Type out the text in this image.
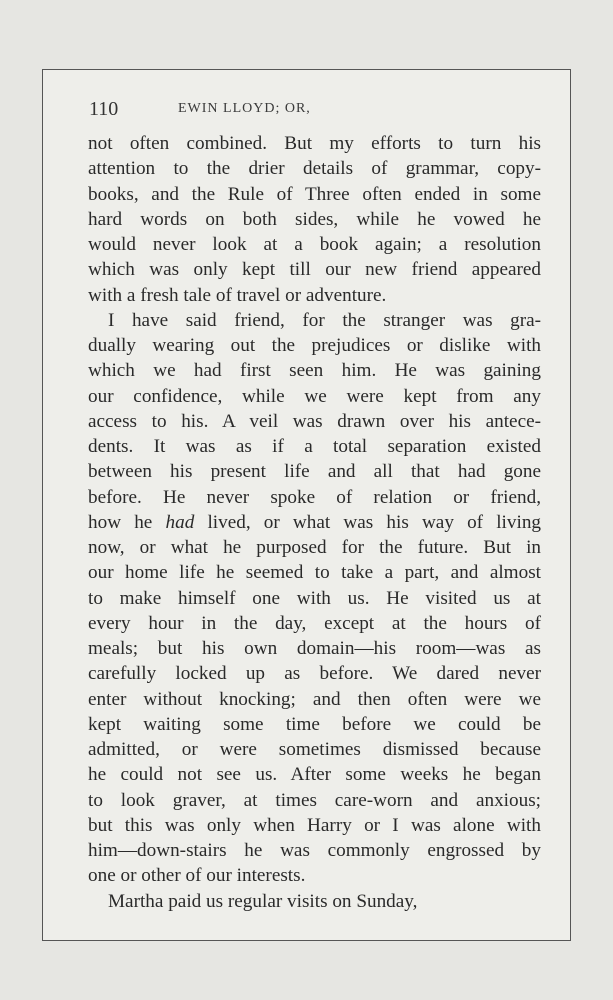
110	EWIN LLOYD; OR,
not often combined. But my efforts to turn his
attention to the drier details of grammar, copy-
books, and the Rule of Three often ended in some
hard words on both sides, while he vowed he
would never look at a book again; a resolution
which was only kept till our new friend appeared
with a fresh tale of travel or adventure.
I have said friend, for the stranger was gra-
dually wearing out the prejudices or dislike with
which we had first seen him. He was gaining
our confidence, while we were kept from any
access to his. A veil was drawn over his antece-
dents. It was as if a total separation existed
between his present life and all that had gone
before. He never spoke of relation or friend,
how he had lived, or what was his way of living
now, or what he purposed for the future. But in
our home life he seemed to take a part, and almost
to make himself one with us. He visited us at
every hour in the day, except at the hours of
meals; but his own domain—his room—was as
carefully locked up as before. We dared never
enter without knocking; and then often were we
kept waiting some time before we could be
admitted, or were sometimes dismissed because
he could not see us. After some weeks he began
to look graver, at times care-worn and anxious;
but this was only when Harry or I was alone with
him—down-stairs he was commonly engrossed by
one or other of our interests.
Martha paid us regular visits on Sunday,
